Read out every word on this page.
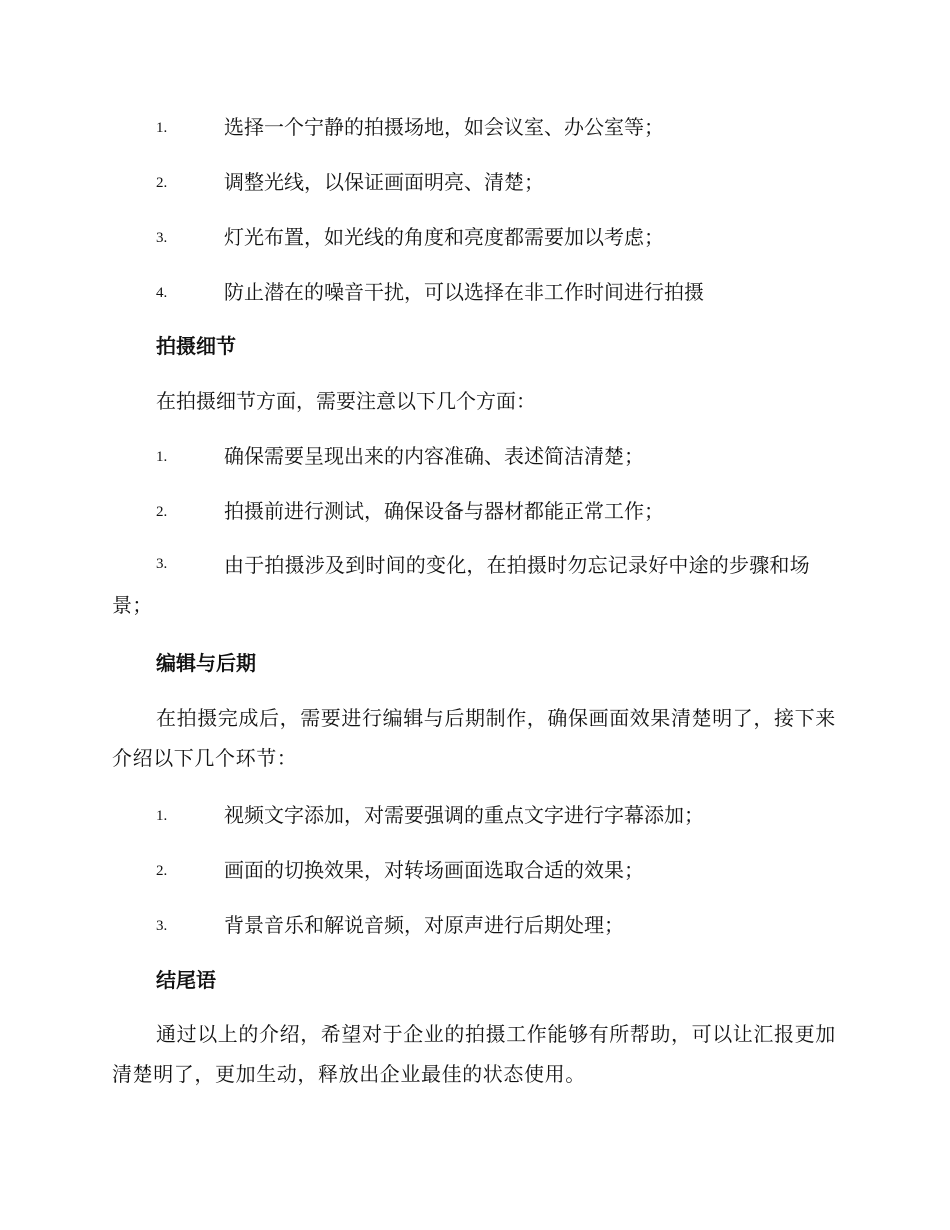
1.	选择一个宁静的拍摄场地，如会议室、办公室等；
2.	调整光线，以保证画面明亮、清楚；
3.	灯光布置，如光线的角度和亮度都需要加以考虑；
4.	防止潜在的噪音干扰，可以选择在非工作时间进行拍摄
拍摄细节
在拍摄细节方面，需要注意以下几个方面：
1.	确保需要呈现出来的内容准确、表述简洁清楚；
2.	拍摄前进行测试，确保设备与器材都能正常工作；
3.	由于拍摄涉及到时间的变化，在拍摄时勿忘记录好中途的步骤和场景；
编辑与后期
在拍摄完成后，需要进行编辑与后期制作，确保画面效果清楚明了，接下来介绍以下几个环节：
1.	视频文字添加，对需要强调的重点文字进行字幕添加；
2.	画面的切换效果，对转场画面选取合适的效果；
3.	背景音乐和解说音频，对原声进行后期处理；
结尾语
通过以上的介绍，希望对于企业的拍摄工作能够有所帮助，可以让汇报更加清楚明了，更加生动，释放出企业最佳的状态使用。
